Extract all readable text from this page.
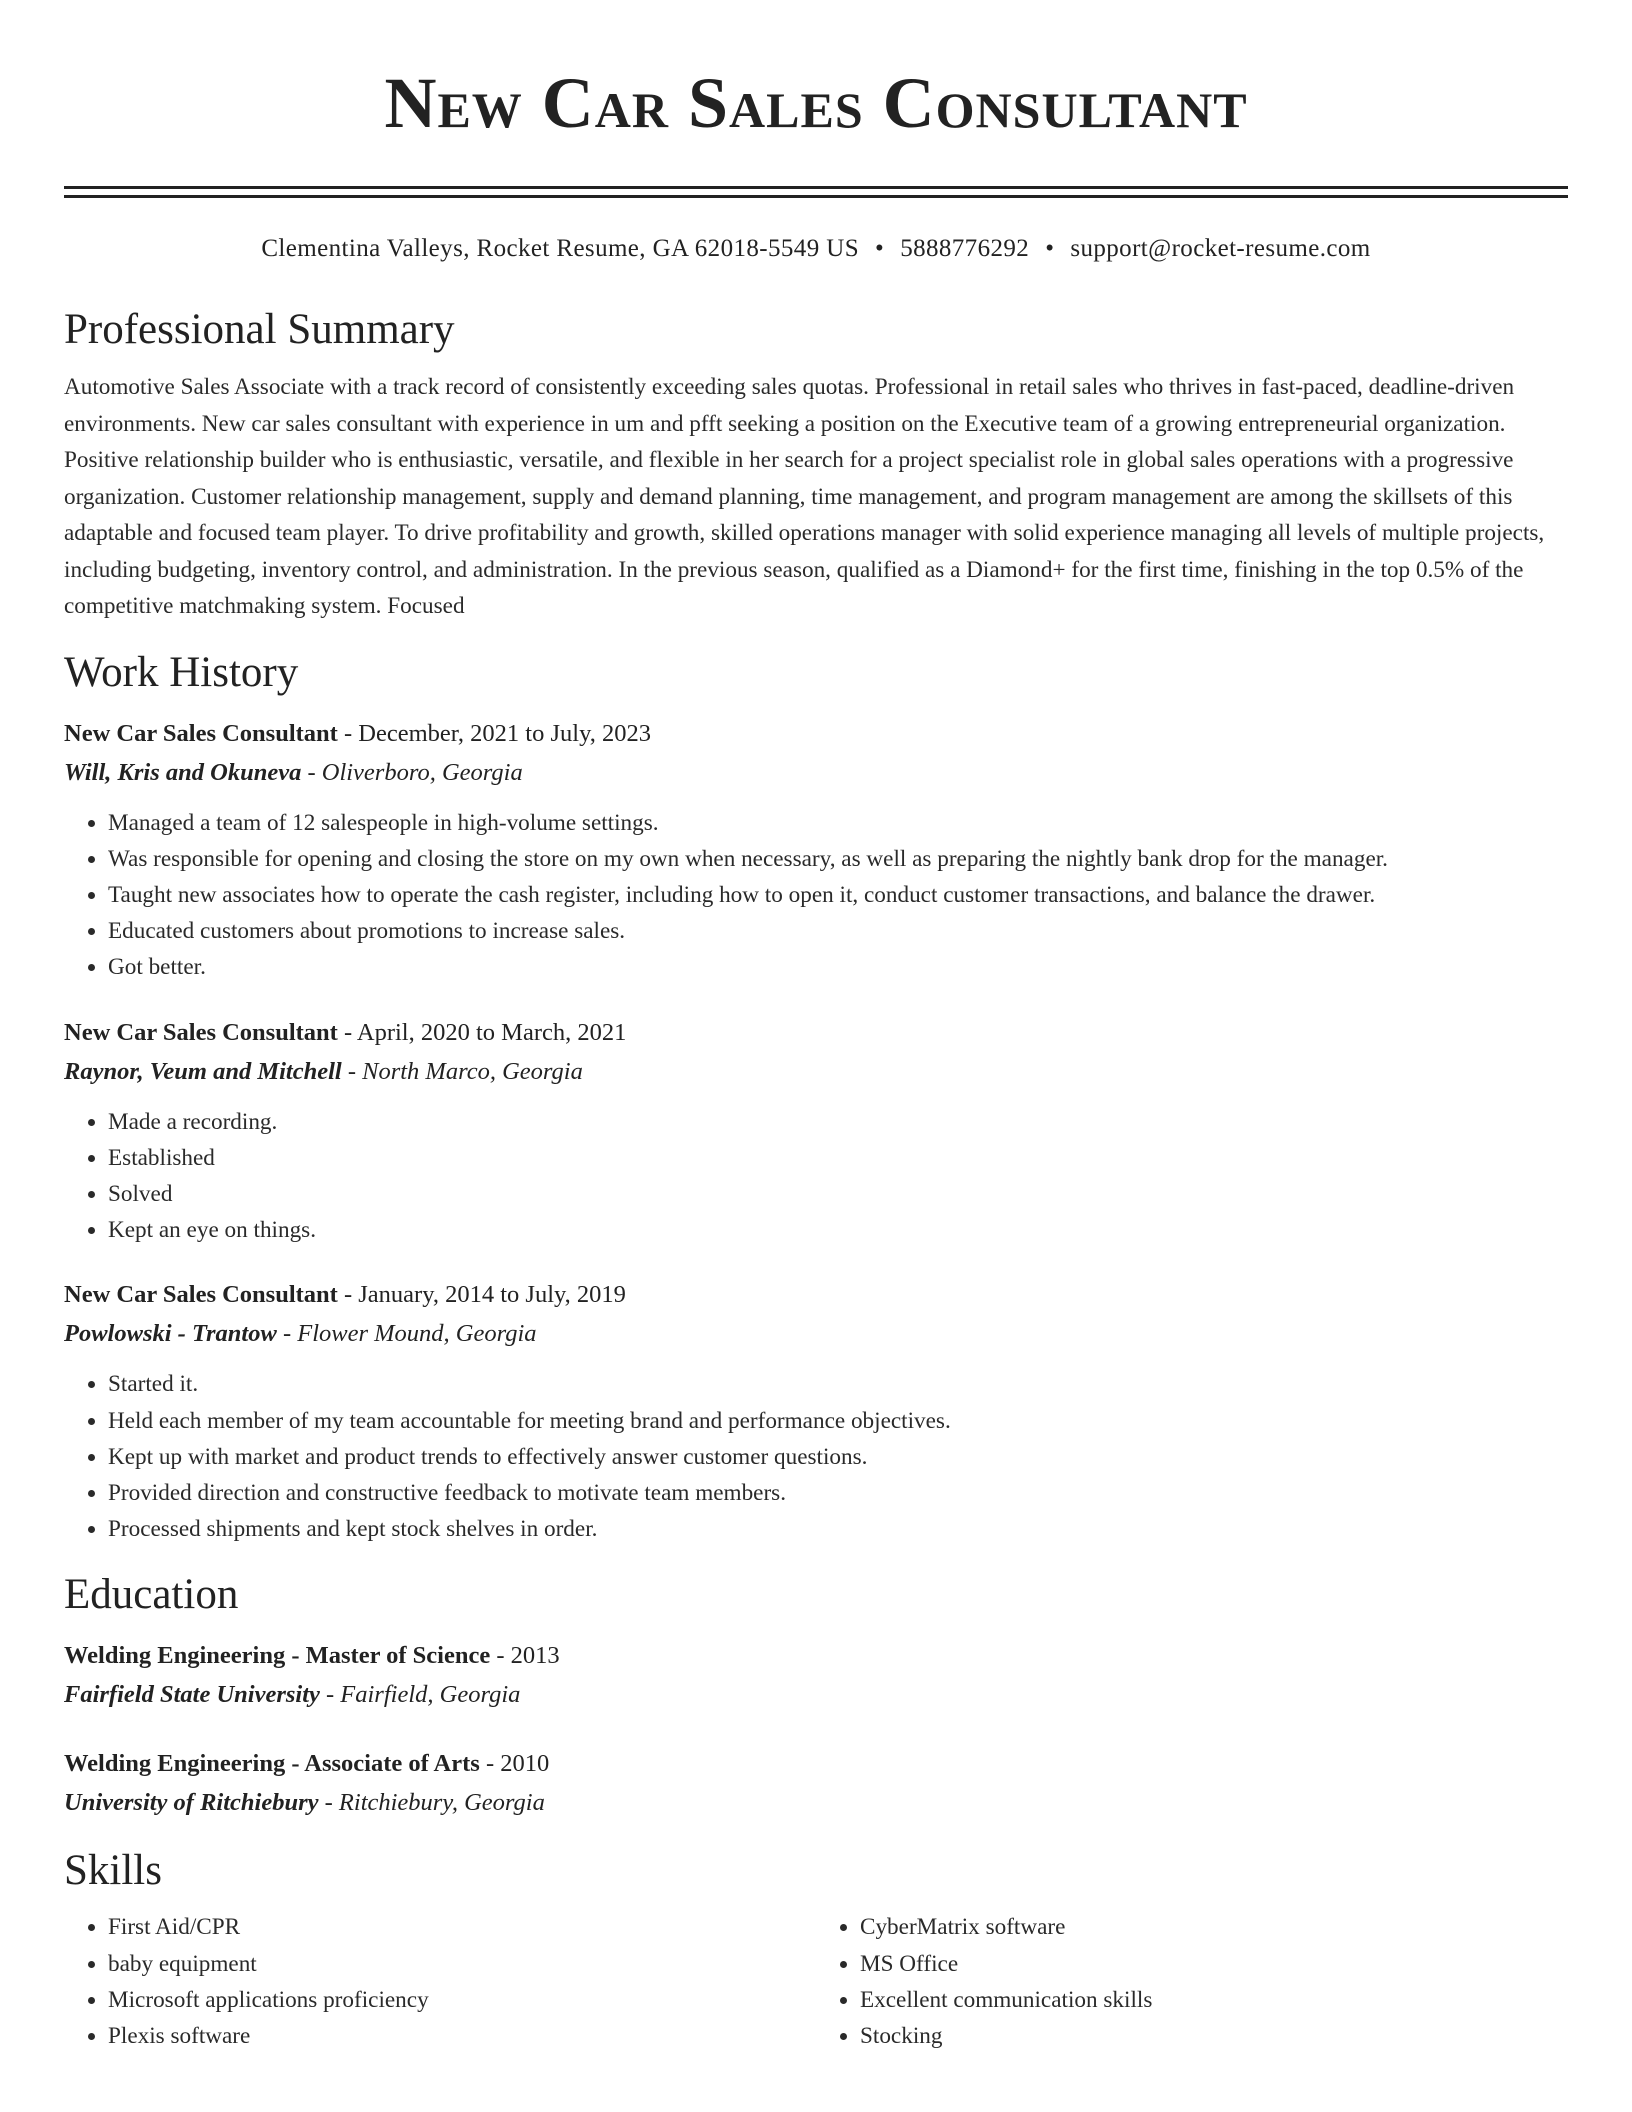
New Car Sales Consultant
Clementina Valleys, Rocket Resume, GA 62018-5549 US • 5888776292 • support@rocket-resume.com
Professional Summary

Automotive Sales Associate with a track record of consistently exceeding sales quotas. Professional in retail sales who thrives in fast-paced, deadline-driven environments. New car sales consultant with experience in um and pfft seeking a position on the Executive team of a growing entrepreneurial organization. Positive relationship builder who is enthusiastic, versatile, and flexible in her search for a project specialist role in global sales operations with a progressive organization. Customer relationship management, supply and demand planning, time management, and program management are among the skillsets of this adaptable and focused team player. To drive profitability and growth, skilled operations manager with solid experience managing all levels of multiple projects, including budgeting, inventory control, and administration. In the previous season, qualified as a Diamond+ for the first time, finishing in the top 0.5% of the competitive matchmaking system. Focused

Work History
New Car Sales Consultant - December, 2021 to July, 2023
Will, Kris and Okuneva - Oliverboro, Georgia
• Managed a team of 12 salespeople in high-volume settings.
• Was responsible for opening and closing the store on my own when necessary, as well as preparing the nightly bank drop for the manager.
• Taught new associates how to operate the cash register, including how to open it, conduct customer transactions, and balance the drawer.
• Educated customers about promotions to increase sales.
• Got better.
New Car Sales Consultant - April, 2020 to March, 2021
Raynor, Veum and Mitchell - North Marco, Georgia
• Made a recording.
• Established
• Solved
• Kept an eye on things.
New Car Sales Consultant - January, 2014 to July, 2019
Powlowski - Trantow - Flower Mound, Georgia
• Started it.
• Held each member of my team accountable for meeting brand and performance objectives.
• Kept up with market and product trends to effectively answer customer questions.
• Provided direction and constructive feedback to motivate team members.
• Processed shipments and kept stock shelves in order.
Education
Welding Engineering - Master of Science - 2013
Fairfield State University - Fairfield, Georgia
Welding Engineering - Associate of Arts - 2010
University of Ritchiebury - Ritchiebury, Georgia
Skills
• First Aid/CPR
• baby equipment
• Microsoft applications proficiency
• Plexis software
• CyberMatrix software
• MS Office
• Excellent communication skills
• Stocking
